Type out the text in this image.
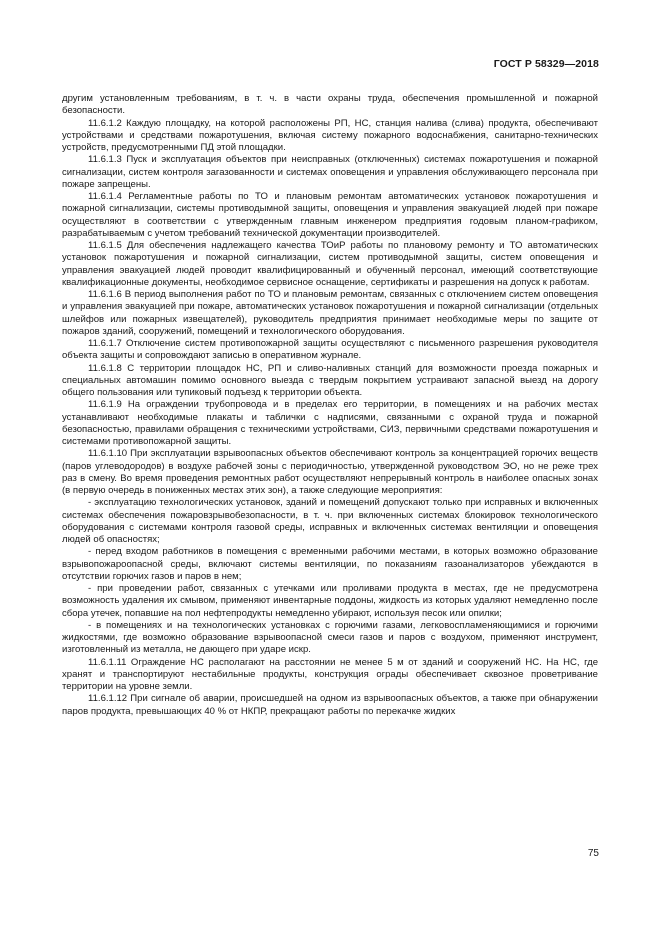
ГОСТ Р 58329—2018

другим установленным требованиям, в т. ч. в части охраны труда, обеспечения промышленной и пожарной безопасности.

11.6.1.2 Каждую площадку, на которой расположены РП, НС, станция налива (слива) продукта, обеспечивают устройствами и средствами пожаротушения, включая систему пожарного водоснабжения, санитарно-технических устройств, предусмотренными ПД этой площадки.

11.6.1.3 Пуск и эксплуатация объектов при неисправных (отключенных) системах пожаротушения и пожарной сигнализации, систем контроля загазованности и системах оповещения и управления обслуживающего персонала при пожаре запрещены.

11.6.1.4 Регламентные работы по ТО и плановым ремонтам автоматических установок пожаротушения и пожарной сигнализации, системы противодымной защиты, оповещения и управления эвакуацией людей при пожаре осуществляют в соответствии с утвержденным главным инженером предприятия годовым планом-графиком, разрабатываемым с учетом требований технической документации производителей.

11.6.1.5 Для обеспечения надлежащего качества ТОиР работы по плановому ремонту и ТО автоматических установок пожаротушения и пожарной сигнализации, систем противодымной защиты, систем оповещения и управления эвакуацией людей проводит квалифицированный и обученный персонал, имеющий соответствующие квалификационные документы, необходимое сервисное оснащение, сертификаты и разрешения на допуск к работам.

11.6.1.6 В период выполнения работ по ТО и плановым ремонтам, связанных с отключением систем оповещения и управления эвакуацией при пожаре, автоматических установок пожаротушения и пожарной сигнализации (отдельных шлейфов или пожарных извещателей), руководитель предприятия принимает необходимые меры по защите от пожаров зданий, сооружений, помещений и технологического оборудования.

11.6.1.7 Отключение систем противопожарной защиты осуществляют с письменного разрешения руководителя объекта защиты и сопровождают записью в оперативном журнале.

11.6.1.8 С территории площадок НС, РП и сливо-наливных станций для возможности проезда пожарных и специальных автомашин помимо основного выезда с твердым покрытием устраивают запасной выезд на дорогу общего пользования или тупиковый подъезд к территории объекта.

11.6.1.9 На ограждении трубопровода и в пределах его территории, в помещениях и на рабочих местах устанавливают необходимые плакаты и таблички с надписями, связанными с охраной труда и пожарной безопасностью, правилами обращения с техническими устройствами, СИЗ, первичными средствами пожаротушения и системами противопожарной защиты.

11.6.1.10 При эксплуатации взрывоопасных объектов обеспечивают контроль за концентрацией горючих веществ (паров углеводородов) в воздухе рабочей зоны с периодичностью, утвержденной руководством ЭО, но не реже трех раз в смену. Во время проведения ремонтных работ осуществляют непрерывный контроль в наиболее опасных зонах (в первую очередь в пониженных местах этих зон), а также следующие мероприятия:

- эксплуатацию технологических установок, зданий и помещений допускают только при исправных и включенных системах обеспечения пожаровзрывобезопасности, в т. ч. при включенных системах блокировок технологического оборудования с системами контроля газовой среды, исправных и включенных системах вентиляции и оповещения людей об опасностях;

- перед входом работников в помещения с временными рабочими местами, в которых возможно образование взрывопожароопасной среды, включают системы вентиляции, по показаниям газоанализаторов убеждаются в отсутствии горючих газов и паров в нем;

- при проведении работ, связанных с утечками или проливами продукта в местах, где не предусмотрена возможность удаления их смывом, применяют инвентарные поддоны, жидкость из которых удаляют немедленно после сбора утечек, попавшие на пол нефтепродукты немедленно убирают, используя песок или опилки;

- в помещениях и на технологических установках с горючими газами, легковоспламеняющимися и горючими жидкостями, где возможно образование взрывоопасной смеси газов и паров с воздухом, применяют инструмент, изготовленный из металла, не дающего при ударе искр.

11.6.1.11 Ограждение НС располагают на расстоянии не менее 5 м от зданий и сооружений НС. На НС, где хранят и транспортируют нестабильные продукты, конструкция ограды обеспечивает сквозное проветривание территории на уровне земли.

11.6.1.12 При сигнале об аварии, происшедшей на одном из взрывоопасных объектов, а также при обнаружении паров продукта, превышающих 40 % от НКПР, прекращают работы по перекачке жидких

75
